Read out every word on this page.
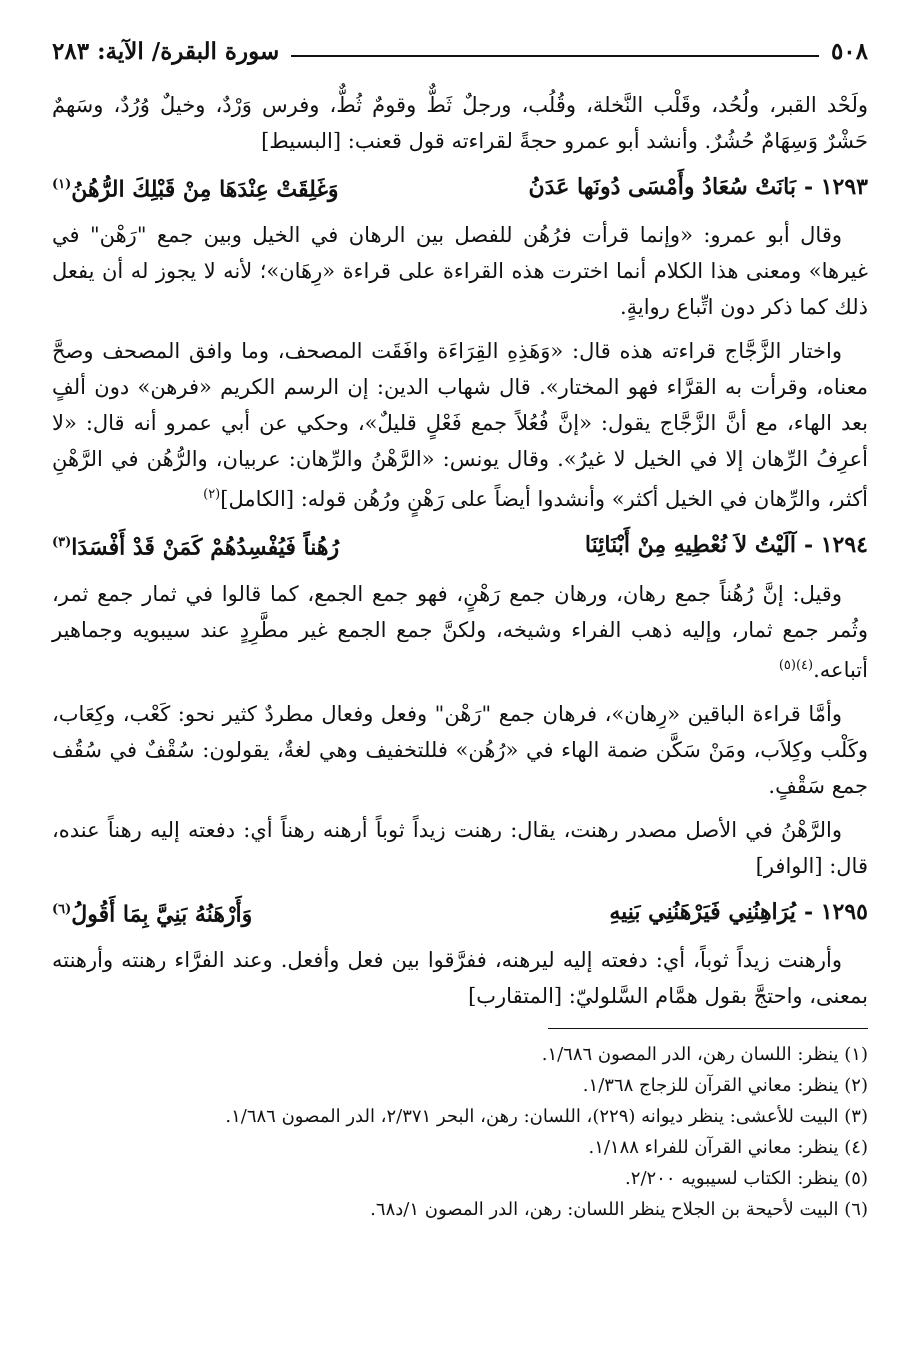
٥٠٨
سورة البقرة/ الآية: ٢٨٣

ولَحْد القبر، ولُحُد، وقَلْب النَّخلة، وقُلُب، ورجلٌ ثَطٌّ وقومٌ ثُطٌّ، وفرس وَرْدٌ، وخيلٌ وُرُدٌ، وسَهمٌ حَشْرٌ وَسِهَامٌ حُشُرٌ. وأنشد أبو عمرو حجةً لقراءته قول قعنب: [البسيط]

١٢٩٣ -
بَانَتْ سُعَادُ وأَمْسَى دُونَها عَدَنُ
وَغَلِقَتْ عِنْدَهَا مِنْ قَبْلِكَ الرُّهُنُ$^{(١)}$

وقال أبو عمرو: «وإنما قرأت فرُهُن للفصل بين الرهان في الخيل وبين جمع "رَهْن" في غيرها» ومعنى هذا الكلام أنما اخترت هذه القراءة على قراءة «رِهَان»؛ لأنه لا يجوز له أن يفعل ذلك كما ذكر دون اتِّباع روايةٍ.

واختار الزَّجَّاج قراءته هذه قال: «وَهَذِهِ القِرَاءَة وافَقَت المصحف، وما وافق المصحف وصحَّ معناه، وقرأت به القرَّاء فهو المختار». قال شهاب الدين: إن الرسم الكريم «فرهن» دون ألفٍ بعد الهاء، مع أنَّ الزَّجَّاج يقول: «إنَّ فُعُلاً جمع فَعْلٍ قليلٌ»، وحكي عن أبي عمرو أنه قال: «لا أعرِفُ الرِّهان إلا في الخيل لا غيرُ». وقال يونس: «الرَّهْنُ والرِّهان: عربيان، والرُّهُن في الرَّهْنِ أكثر، والرِّهان في الخيل أكثر» وأنشدوا أيضاً على رَهْنٍ ورُهُن قوله: [الكامل]$^{(٢)}$

١٢٩٤ -
آلَيْتُ لاَ نُعْطِيهِ مِنْ أَبْنَائِنَا
رُهُناً فَيُفْسِدُهُمْ كَمَنْ قَدْ أَفْسَدَا$^{(٣)}$

وقيل: إنَّ رُهُناً جمع رهان، ورهان جمع رَهْنٍ، فهو جمع الجمع، كما قالوا في ثمار جمع ثمر، وثُمر جمع ثمار، وإليه ذهب الفراء وشيخه، ولكنَّ جمع الجمع غير مطَّرِدٍ عند سيبويه وجماهير أتباعه.$^{(٤)(٥)}$

وأمَّا قراءة الباقين «رِهان»، فرهان جمع "رَهْن" وفعل وفعال مطردٌ كثير نحو: كَعْب، وكِعَاب، وكَلْب وكِلاَب، ومَنْ سَكَّن ضمة الهاء في «رُهُن» فللتخفيف وهي لغةٌ، يقولون: سُقْفٌ في سُقُف جمع سَقْفٍ.

والرَّهْنُ في الأصل مصدر رهنت، يقال: رهنت زيداً ثوباً أرهنه رهناً أي: دفعته إليه رهناً عنده، قال: [الوافر]

١٢٩٥ -
يُرَاهِنُنِي فَيَرْهَنُنِي بَنِيهِ
وَأَرْهَنُهُ بَنِيَّ بِمَا أَقُولُ$^{(٦)}$

وأرهنت زيداً ثوباً، أي: دفعته إليه ليرهنه، ففرَّقوا بين فعل وأفعل. وعند الفرَّاء رهنته وأرهنته بمعنى، واحتجَّ بقول همَّام السَّلوليّ: [المتقارب]

(١) ينظر: اللسان رهن، الدر المصون ١/٦٨٦.
(٢) ينظر: معاني القرآن للزجاج ١/٣٦٨.
(٣) البيت للأعشى: ينظر ديوانه (٢٢٩)، اللسان: رهن، البحر ٢/٣٧١، الدر المصون ١/٦٨٦.
(٤) ينظر: معاني القرآن للفراء ١/١٨٨.
(٥) ينظر: الكتاب لسيبويه ٢/٢٠٠.
(٦) البيت لأحيحة بن الجلاح ينظر اللسان: رهن، الدر المصون ١/د٦٨.
